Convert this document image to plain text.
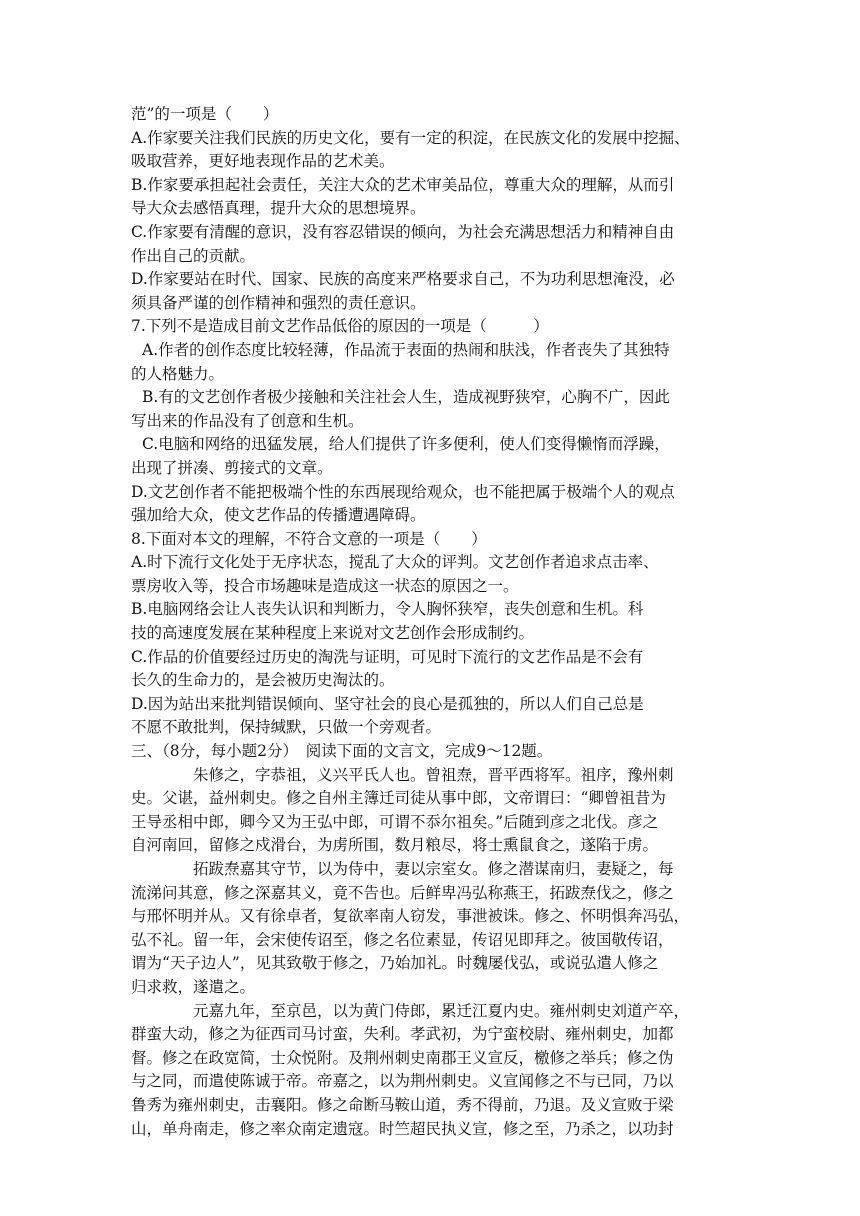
范”的一项是（　　）
A.作家要关注我们民族的历史文化，要有一定的积淀，在民族文化的发展中挖掘、
吸取营养，更好地表现作品的艺术美。
B.作家要承担起社会责任，关注大众的艺术审美品位，尊重大众的理解，从而引
导大众去感悟真理，提升大众的思想境界。
C.作家要有清醒的意识，没有容忍错误的倾向，为社会充满思想活力和精神自由
作出自己的贡献。
D.作家要站在时代、国家、民族的高度来严格要求自己，不为功利思想淹没，必
须具备严谨的创作精神和强烈的责任意识。
7.下列不是造成目前文艺作品低俗的原因的一项是（　　　）
A.作者的创作态度比较轻薄，作品流于表面的热闹和肤浅，作者丧失了其独特
的人格魅力。
B.有的文艺创作者极少接触和关注社会人生，造成视野狭窄，心胸不广，因此
写出来的作品没有了创意和生机。
C.电脑和网络的迅猛发展，给人们提供了许多便利，使人们变得懒惰而浮躁，
出现了拼凑、剪接式的文章。
D.文艺创作者不能把极端个性的东西展现给观众，也不能把属于极端个人的观点
强加给大众，使文艺作品的传播遭遇障碍。
8.下面对本文的理解，不符合文意的一项是（　　）
A.时下流行文化处于无序状态，搅乱了大众的评判。文艺创作者追求点击率、
票房收入等，投合市场趣味是造成这一状态的原因之一。
B.电脑网络会让人丧失认识和判断力，令人胸怀狭窄，丧失创意和生机。科
技的高速度发展在某种程度上来说对文艺创作会形成制约。
C.作品的价值要经过历史的淘洗与证明，可见时下流行的文艺作品是不会有
长久的生命力的，是会被历史淘汰的。
D.因为站出来批判错误倾向、坚守社会的良心是孤独的，所以人们自己总是
不愿不敢批判，保持缄默，只做一个旁观者。
三、（8分，每小题2分）　阅读下面的文言文，完成9～12题。
朱修之，字恭祖，义兴平氏人也。曾祖焘，晋平西将军。祖序，豫州刺
史。父谌，益州刺史。修之自州主簿迁司徒从事中郎，文帝谓曰：“卿曾祖昔为
王导丞相中郎，卿今又为王弘中郎，可谓不忝尔祖矣。”后随到彦之北伐。彦之
自河南回，留修之戍滑台，为虏所围，数月粮尽，将士熏鼠食之，遂陷于虏。
拓跋焘嘉其守节，以为侍中，妻以宗室女。修之潜谋南归，妻疑之，每
流涕问其意，修之深嘉其义，竟不告也。后鲜卑冯弘称燕王，拓跋焘伐之，修之
与邢怀明并从。又有徐卓者，复欲率南人窃发，事泄被诛。修之、怀明惧奔冯弘，
弘不礼。留一年，会宋使传诏至，修之名位素显，传诏见即拜之。彼国敬传诏，
谓为“天子边人”，见其致敬于修之，乃始加礼。时魏屡伐弘，或说弘遣人修之
归求救，遂遣之。
元嘉九年，至京邑，以为黄门侍郎，累迁江夏内史。雍州刺史刘道产卒，
群蛮大动，修之为征西司马讨蛮，失利。孝武初，为宁蛮校尉、雍州刺史，加都
督。修之在政宽简，士众悦附。及荆州刺史南郡王义宣反，檄修之举兵；修之伪
与之同，而遣使陈诚于帝。帝嘉之，以为荆州刺史。义宣闻修之不与已同，乃以
鲁秀为雍州刺史，击襄阳。修之命断马鞍山道，秀不得前，乃退。及义宣败于梁
山，单舟南走，修之率众南定遗寇。时竺超民执义宣，修之至，乃杀之，以功封
